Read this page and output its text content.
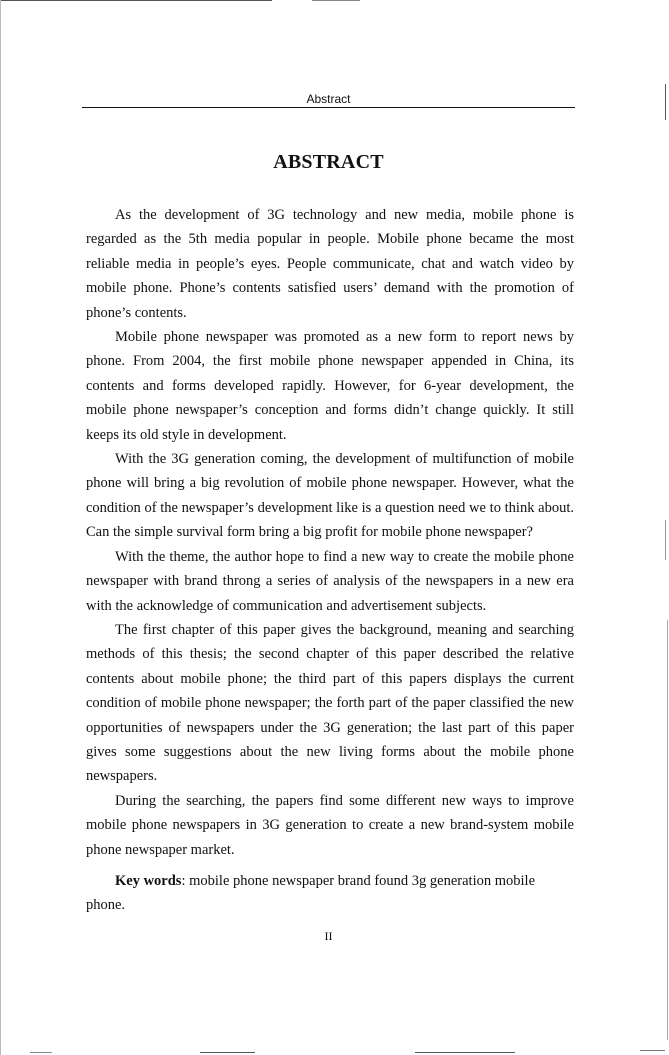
Abstract
ABSTRACT

As the development of 3G technology and new media, mobile phone is regarded as the 5th media popular in people. Mobile phone became the most reliable media in people’s eyes. People communicate, chat and watch video by mobile phone. Phone’s contents satisfied users’ demand with the promotion of phone’s contents.

Mobile phone newspaper was promoted as a new form to report news by phone. From 2004, the first mobile phone newspaper appended in China, its contents and forms developed rapidly. However, for 6-year development, the mobile phone newspaper’s conception and forms didn’t change quickly. It still keeps its old style in development.

With the 3G generation coming, the development of multifunction of mobile phone will bring a big revolution of mobile phone newspaper. However, what the condition of the newspaper’s development like is a question need we to think about. Can the simple survival form bring a big profit for mobile phone newspaper?

With the theme, the author hope to find a new way to create the mobile phone newspaper with brand throng a series of analysis of the newspapers in a new era with the acknowledge of communication and advertisement subjects.

The first chapter of this paper gives the background, meaning and searching methods of this thesis; the second chapter of this paper described the relative contents about mobile phone; the third part of this papers displays the current condition of mobile phone newspaper; the forth part of the paper classified the new opportunities of newspapers under the 3G generation; the last part of this paper gives some suggestions about the new living forms about the mobile phone newspapers.

During the searching, the papers find some different new ways to improve mobile phone newspapers in 3G generation to create a new brand-system mobile phone newspaper market.

Key words: mobile phone newspaper brand found 3g generation mobile phone.
II
